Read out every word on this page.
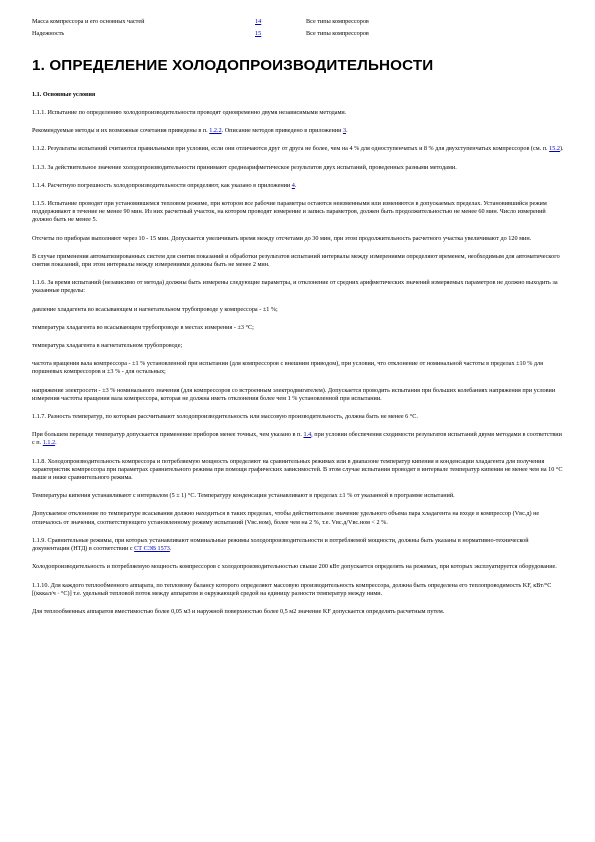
Масса компрессора и его основных частей	14	Все типы компрессоров
Надежность	15	Все типы компрессоров
1. ОПРЕДЕЛЕНИЕ ХОЛОДОПРОИЗВОДИТЕЛЬНОСТИ
1.1. Основные условия

1.1.1. Испытание по определению холодопроизводительности проводят одновременно двумя независимыми методами.

Рекомендуемые методы и их возможные сочетания приведены в п. 1.2.2. Описание методов приведено в приложении 3.

1.1.2. Результаты испытаний считаются правильными при условии, если они отличаются друг от друга не более, чем на 4 % для одноступенчатых и 8 % для двухступенчатых компрессоров (см. п. 15.2).

1.1.3. За действительное значение холодопроизводительности принимают среднеарифметическое результатов двух испытаний, проведенных разными методами.

1.1.4. Расчетную погрешность холодопроизводительности определяют, как указано в приложении 4.

1.1.5. Испытание проводят при установившемся тепловом режиме, при котором все рабочие параметры остаются неизменными или изменяются в допускаемых пределах. Установившийся режим поддерживают в течение не менее 90 мин. Из них расчетный участок, на котором проводят измерение и запись параметров, должен быть продолжительностью не менее 60 мин. Число измерений должно быть не менее 5.

Отсчеты по приборам выполняют через 10 - 15 мин. Допускается увеличивать время между отсчетами до 30 мин, при этом продолжительность расчетного участка увеличивают до 120 мин.

В случае применения автоматизированных систем для снятия показаний и обработки результатов испытаний интервалы между измерениями определяют временем, необходимым для автоматического снятия показаний, при этом интервалы между измерениями должны быть не менее 2 мин.

1.1.6. За время испытаний (независимо от метода) должны быть измерены следующие параметры, и отклонение от средних арифметических значений измеряемых параметров не должно выходить за указанные пределы:

давление хладагента во всасывающем и нагнетательном трубопроводе у компрессора - ±1 %;

температура хладагента во всасывающем трубопроводе в местах измерения - ±3 °С;

температура хладагента в нагнетательном трубопроводе;

частота вращения вала компрессора - ±1 % установленной при испытании (для компрессоров с внешним приводом), при условии, что отклонение от номинальной частоты в пределах ±10 % для поршневых компрессоров и ±3 % - для остальных;

напряжение электросети - ±3 % номинального значения (для компрессоров со встроенным электродвигателем). Допускается проводить испытания при больших колебаниях напряжения при условии измерения частоты вращения вала компрессора, которая не должна иметь отклонения более чем 1 % установленной при испытании.

1.1.7. Разность температур, по которым рассчитывают холодопроизводительность или массовую производительность, должна быть не менее 6 °С.

При большем перепаде температур допускается применение приборов менее точных, чем указано в п. 1.4, при условии обеспечения сходимости результатов испытаний двумя методами в соответствии с п. 1.1.2.

1.1.8. Холодопроизводительность компрессора и потребляемую мощность определяют на сравнительных режимах или в диапазоне температур кипения и конденсации хладагента для получения характеристик компрессора при параметрах сравнительного режима при помощи графических зависимостей. В этом случае испытания проводят в интервале температур кипения не менее чем на 10 °С выше и ниже сравнительного режима.

Температуры кипения устанавливают с интервалом (5 ± 1) °С. Температуру конденсации устанавливают в пределах ±1 % от указанной в программе испытаний.

Допускаемое отклонение по температуре всасывания должно находиться в таких пределах, чтобы действительное значение удельного объема пара хладагента на входе в компрессор (Vвс.д) не отличалось от значения, соответствующего установленному режиму испытаний (Vвс.ном), более чем на 2 %, т.е. Vвс.д/Vвс.ном < 2 %.

1.1.9. Сравнительные режимы, при которых устанавливают номинальные режимы холодопроизводительности и потребляемой мощности, должны быть указаны в нормативно-технической документации (НТД) в соответствии с СТ СЭВ 1573.

Холодопроизводительность и потребляемую мощность компрессоров с холодопроизводительностью свыше 200 кВт допускается определять на режимах, при которых эксплуатируется оборудование.

1.1.10. Для каждого теплообменного аппарата, по тепловому балансу которого определяют массовую производительность компрессора, должна быть определена его теплопроводимость KF, кВт/°С [(кккал/ч · °С)] т.е. удельный тепловой поток между аппаратом и окружающей средой на единицу разности температур между ними.

Для теплообменных аппаратов вместимостью более 0,05 м3 и наружной поверхностью более 0,5 м2 значение KF допускается определять расчетным путем.
